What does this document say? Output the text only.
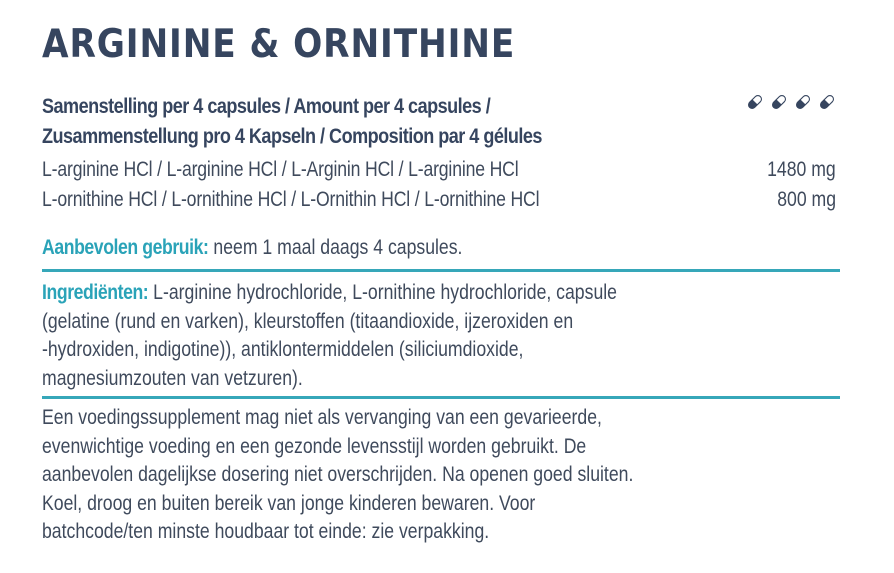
ARGININE & ORNITHINE
Samenstelling per 4 capsules / Amount per 4 capsules /
Zusammenstellung pro 4 Kapseln / Composition par 4 gélules
L-arginine HCl / L-arginine HCl / L-Arginin HCl / L-arginine HCl	1480 mg
L-ornithine HCl / L-ornithine HCl / L-Ornithin HCl / L-ornithine HCl	800 mg
Aanbevolen gebruik: neem 1 maal daags 4 capsules.
Ingrediënten: L-arginine hydrochloride, L-ornithine hydrochloride, capsule
(gelatine (rund en varken), kleurstoffen (titaandioxide, ijzeroxiden en
-hydroxiden, indigotine)), antiklontermiddelen (siliciumdioxide,
magnesiumzouten van vetzuren).
Een voedingssupplement mag niet als vervanging van een gevarieerde,
evenwichtige voeding en een gezonde levensstijl worden gebruikt. De
aanbevolen dagelijkse dosering niet overschrijden. Na openen goed sluiten.
Koel, droog en buiten bereik van jonge kinderen bewaren. Voor
batchcode/ten minste houdbaar tot einde: zie verpakking.
